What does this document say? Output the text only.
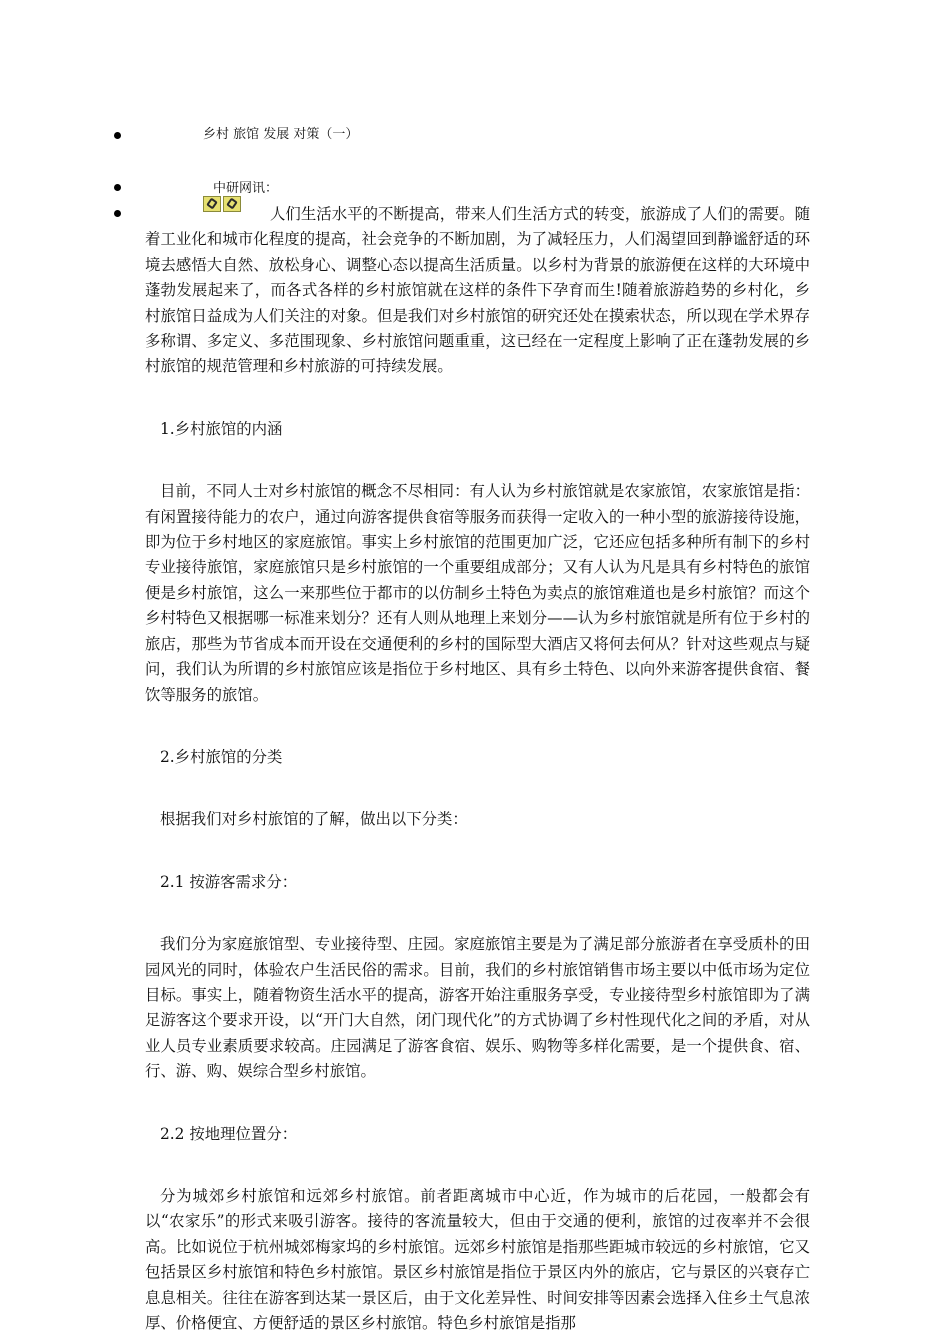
乡村 旅馆 发展 对策（一）
中研网讯：

人们生活水平的不断提高，带来人们生活方式的转变，旅游成了人们的需要。随着工业化和城市化程度的提高，社会竞争的不断加剧，为了减轻压力，人们渴望回到静谧舒适的环境去感悟大自然、放松身心、调整心态以提高生活质量。以乡村为背景的旅游便在这样的大环境中蓬勃发展起来了，而各式各样的乡村旅馆就在这样的条件下孕育而生!随着旅游趋势的乡村化，乡村旅馆日益成为人们关注的对象。但是我们对乡村旅馆的研究还处在摸索状态，所以现在学术界存多称谓、多定义、多范围现象、乡村旅馆问题重重，这已经在一定程度上影响了正在蓬勃发展的乡村旅馆的规范管理和乡村旅游的可持续发展。

1.乡村旅馆的内涵

目前，不同人士对乡村旅馆的概念不尽相同：有人认为乡村旅馆就是农家旅馆，农家旅馆是指：有闲置接待能力的农户，通过向游客提供食宿等服务而获得一定收入的一种小型的旅游接待设施，即为位于乡村地区的家庭旅馆。事实上乡村旅馆的范围更加广泛，它还应包括多种所有制下的乡村专业接待旅馆，家庭旅馆只是乡村旅馆的一个重要组成部分；又有人认为凡是具有乡村特色的旅馆便是乡村旅馆，这么一来那些位于都市的以仿制乡土特色为卖点的旅馆难道也是乡村旅馆？而这个乡村特色又根据哪一标准来划分？还有人则从地理上来划分——认为乡村旅馆就是所有位于乡村的旅店，那些为节省成本而开设在交通便利的乡村的国际型大酒店又将何去何从？针对这些观点与疑问，我们认为所谓的乡村旅馆应该是指位于乡村地区、具有乡土特色、以向外来游客提供食宿、餐饮等服务的旅馆。

2.乡村旅馆的分类

根据我们对乡村旅馆的了解，做出以下分类：

2.1 按游客需求分：

我们分为家庭旅馆型、专业接待型、庄园。家庭旅馆主要是为了满足部分旅游者在享受质朴的田园风光的同时，体验农户生活民俗的需求。目前，我们的乡村旅馆销售市场主要以中低市场为定位目标。事实上，随着物资生活水平的提高，游客开始注重服务享受，专业接待型乡村旅馆即为了满足游客这个要求开设，以“开门大自然，闭门现代化”的方式协调了乡村性现代化之间的矛盾，对从业人员专业素质要求较高。庄园满足了游客食宿、娱乐、购物等多样化需要，是一个提供食、宿、行、游、购、娱综合型乡村旅馆。

2.2 按地理位置分：

分为城郊乡村旅馆和远郊乡村旅馆。前者距离城市中心近，作为城市的后花园，一般都会有以“农家乐”的形式来吸引游客。接待的客流量较大，但由于交通的便利，旅馆的过夜率并不会很高。比如说位于杭州城郊梅家坞的乡村旅馆。远郊乡村旅馆是指那些距城市较远的乡村旅馆，它又包括景区乡村旅馆和特色乡村旅馆。景区乡村旅馆是指位于景区内外的旅店，它与景区的兴衰存亡息息相关。往往在游客到达某一景区后，由于文化差异性、时间安排等因素会选择入住乡土气息浓厚、价格便宜、方便舒适的景区乡村旅馆。特色乡村旅馆是指那
